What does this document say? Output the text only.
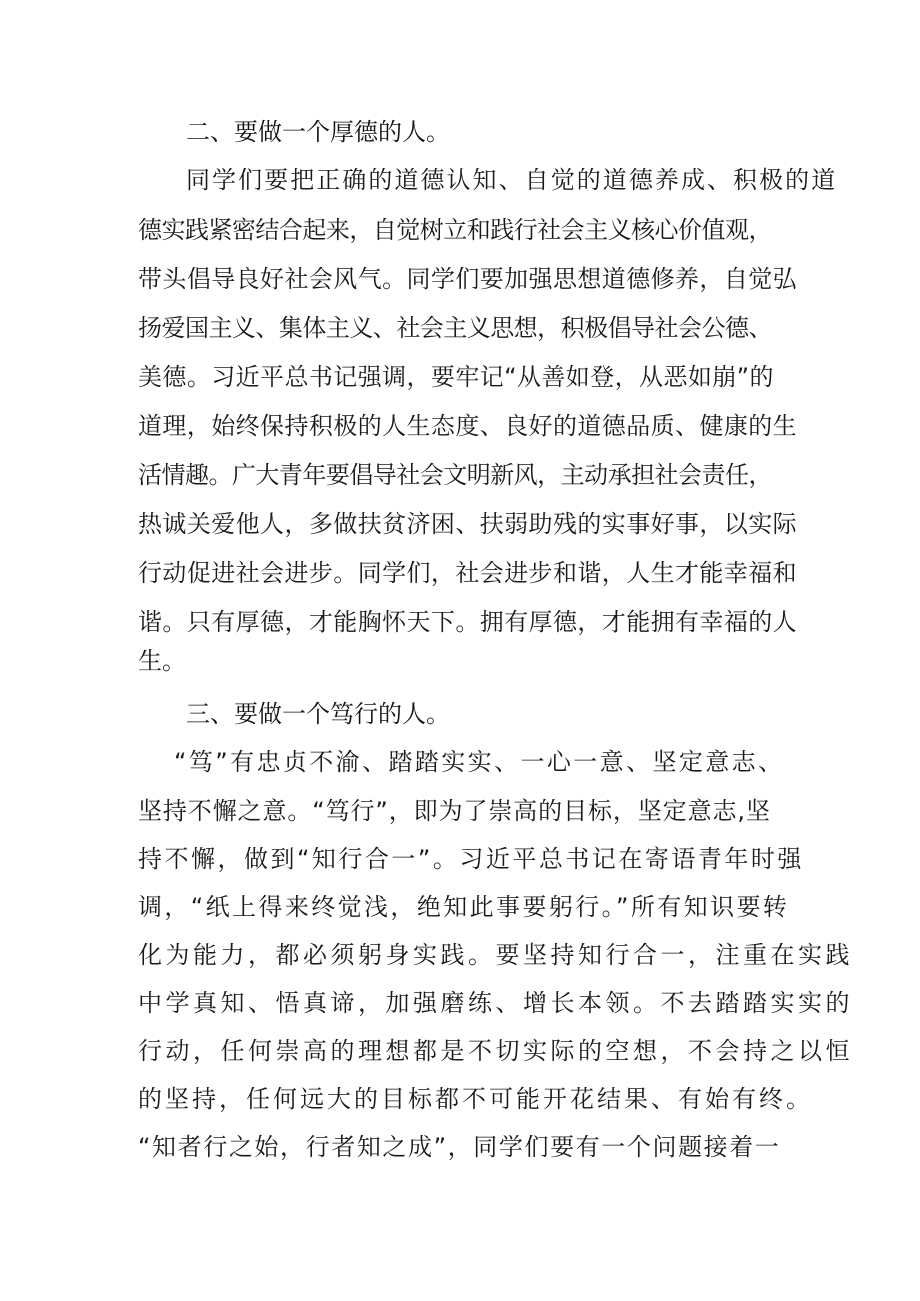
二、要做一个厚德的人。
同学们要把正确的道德认知、自觉的道德养成、积极的道
德实践紧密结合起来，自觉树立和践行社会主义核心价值观，
带头倡导良好社会风气。同学们要加强思想道德修养，自觉弘
扬爱国主义、集体主义、社会主义思想，积极倡导社会公德、
美德。习近平总书记强调，要牢记“从善如登，从恶如崩”的
道理，始终保持积极的人生态度、良好的道德品质、健康的生
活情趣。广大青年要倡导社会文明新风，主动承担社会责任，
热诚关爱他人，多做扶贫济困、扶弱助残的实事好事，以实际
行动促进社会进步。同学们，社会进步和谐，人生才能幸福和
谐。只有厚德，才能胸怀天下。拥有厚德，才能拥有幸福的人
生。
三、要做一个笃行的人。
“笃”有忠贞不渝、踏踏实实、一心一意、坚定意志、
坚持不懈之意。“笃行”，即为了崇高的目标，坚定意志,坚
持不懈，做到“知行合一”。习近平总书记在寄语青年时强
调，“纸上得来终觉浅，绝知此事要躬行。”所有知识要转
化为能力，都必须躬身实践。要坚持知行合一，注重在实践
中学真知、悟真谛，加强磨练、增长本领。不去踏踏实实的
行动，任何崇高的理想都是不切实际的空想，不会持之以恒
的坚持，任何远大的目标都不可能开花结果、有始有终。
“知者行之始，行者知之成”，同学们要有一个问题接着一
